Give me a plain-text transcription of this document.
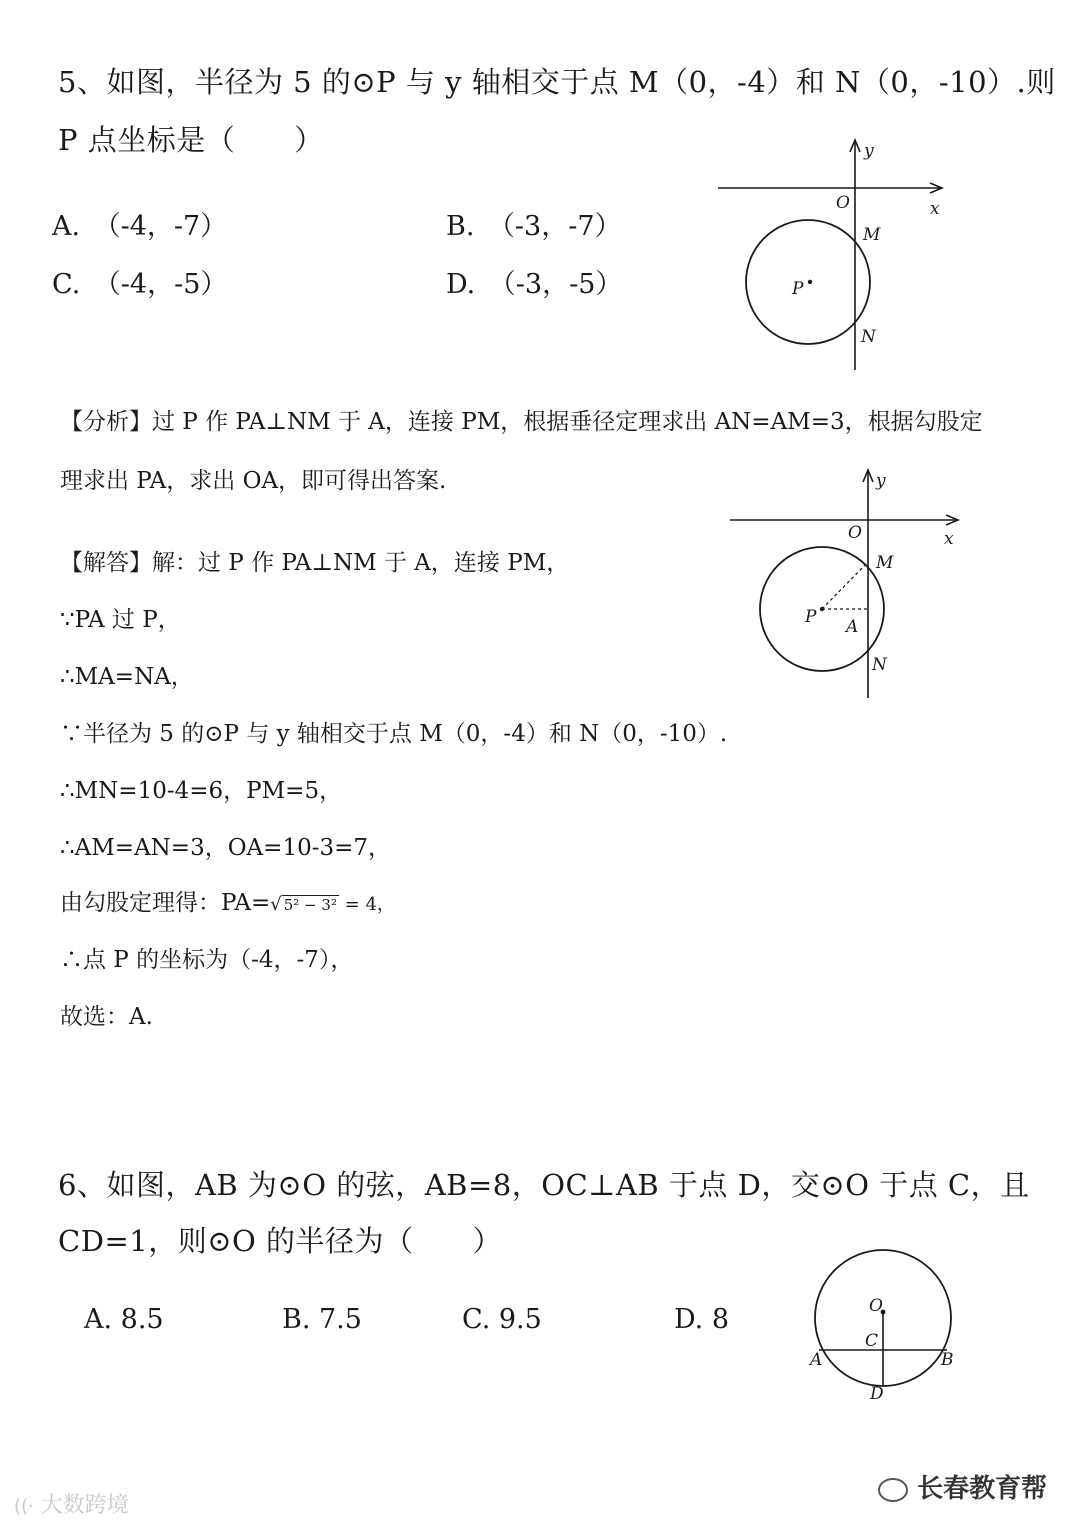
5、如图，半径为 5 的⊙P 与 y 轴相交于点 M（0，-4）和 N（0，-10）.则
P 点坐标是（　　）
A.　（-4，-7）	B.　（-3，-7）
C.　（-4，-5）	D.　（-3，-5）
y
x
O
M
P
N
【分析】过 P 作 PA⊥NM 于 A，连接 PM，根据垂径定理求出 AN=AM=3，根据勾股定
理求出 PA，求出 OA，即可得出答案.	y
x
O
M
P A
N
【解答】解：过 P 作 PA⊥NM 于 A，连接 PM，
∵PA 过 P，
∴MA=NA，
∵半径为 5 的⊙P 与 y 轴相交于点 M（0，-4）和 N（0，-10）.
∴MN=10-4=6，PM=5，
∴AM=AN=3，OA=10-3=7，
由勾股定理得：PA=√ 5² − 3² = 4，
∴点 P 的坐标为（-4，-7），
故选：A.
6、如图，AB 为⊙O 的弦，AB=8，OC⊥AB 于点 D，交⊙O 于点 C，且
CD=1，则⊙O 的半径为（　　）
A. 8.5	B. 7.5	C. 9.5	D. 8	O
C
A	B
D
((· 大数跨境
长春教育帮
